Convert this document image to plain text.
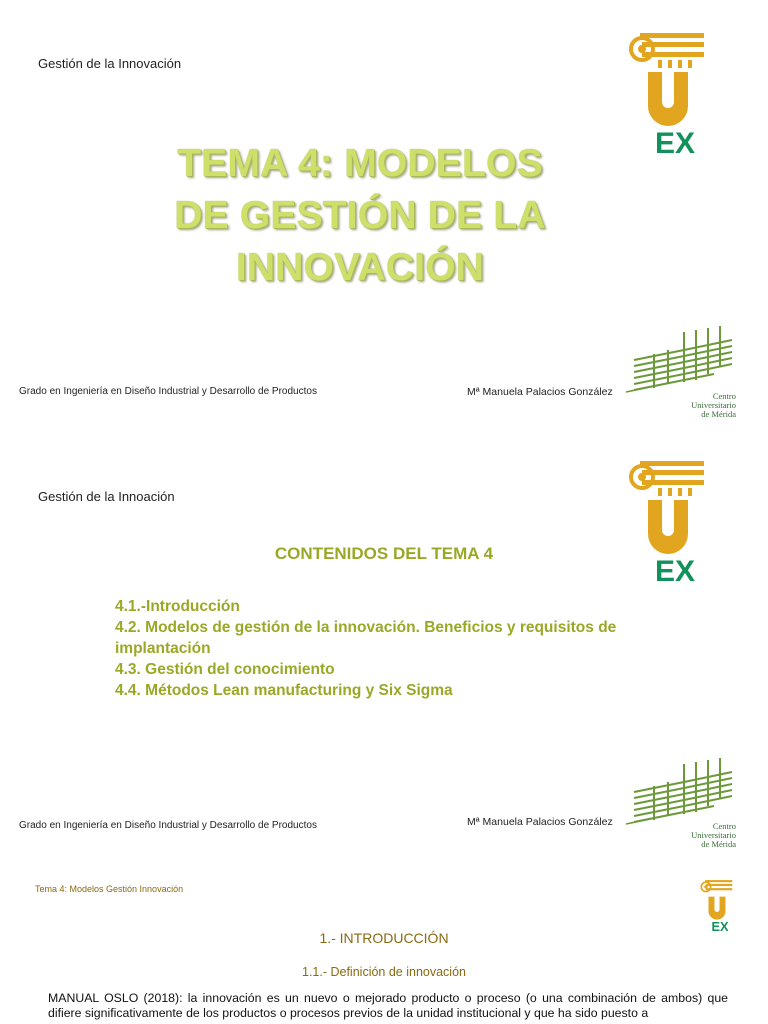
Gestión de la Innovación
EX
TEMA 4: MODELOS
DE GESTIÓN DE LA
INNOVACIÓN
Grado en Ingeniería en Diseño Industrial y Desarrollo de Productos	Mª Manuela Palacios González	Centro
Universitario
de Mérida
Gestión de la Innoación
EX
CONTENIDOS DEL TEMA 4
4.1.-Introducción
4.2. Modelos de gestión de la innovación. Beneficios y requisitos de implantación
4.3. Gestión del conocimiento
4.4. Métodos Lean manufacturing y Six Sigma
Grado en Ingeniería en Diseño Industrial y Desarrollo de Productos	Mª Manuela Palacios González	Centro
Universitario
de Mérida
Tema 4: Modelos Gestión Innovación
EX
1.- INTRODUCCIÓN
1.1.- Definición de innovación
MANUAL OSLO (2018): la innovación es un nuevo o mejorado producto o proceso (o una combinación de ambos) que difiere significativamente de los productos o procesos previos de la unidad institucional y que ha sido puesto a
